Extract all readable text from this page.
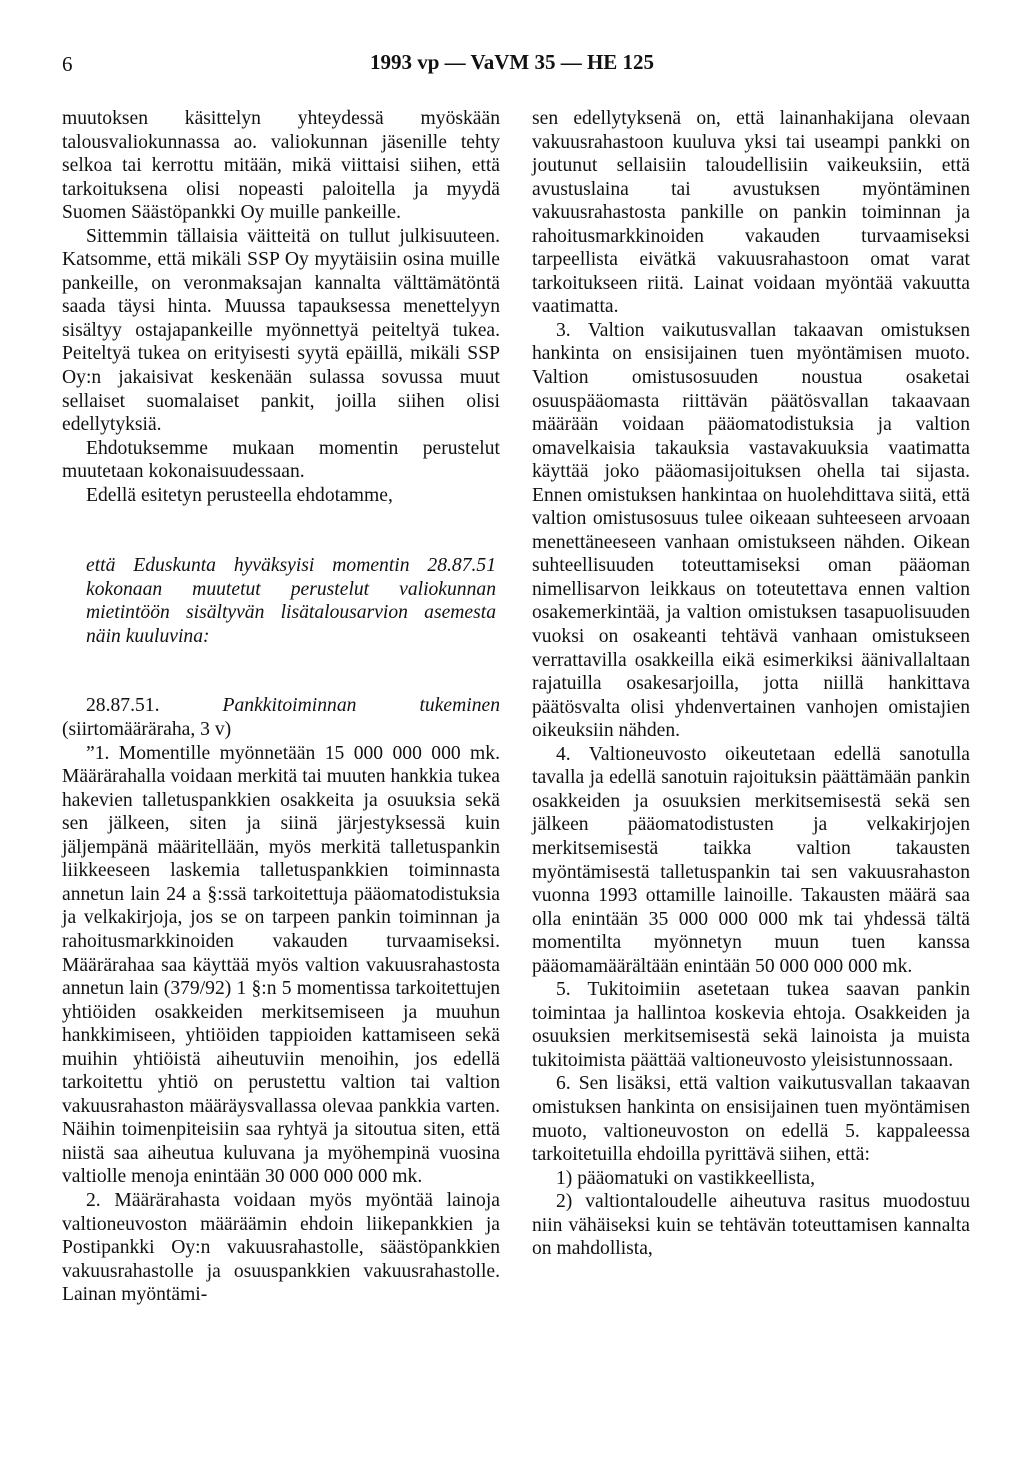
6	1993 vp — VaVM 35 — HE 125

muutoksen käsittelyn yhteydessä myöskään talousvaliokunnassa ao. valiokunnan jäsenille tehty selkoa tai kerrottu mitään, mikä viittaisi siihen, että tarkoituksena olisi nopeasti paloitella ja myydä Suomen Säästöpankki Oy muille pankeille.

Sittemmin tällaisia väitteitä on tullut julkisuuteen. Katsomme, että mikäli SSP Oy myytäisiin osina muille pankeille, on veronmaksajan kannalta välttämätöntä saada täysi hinta. Muussa tapauksessa menettelyyn sisältyy ostajapankeille myönnettyä peiteltyä tukea. Peiteltyä tukea on erityisesti syytä epäillä, mikäli SSP Oy:n jakaisivat keskenään sulassa sovussa muut sellaiset suomalaiset pankit, joilla siihen olisi edellytyksiä.

Ehdotuksemme mukaan momentin perustelut muutetaan kokonaisuudessaan.

Edellä esitetyn perusteella ehdotamme,

että Eduskunta hyväksyisi momentin 28.87.51 kokonaan muutetut perustelut valiokunnan mietintöön sisältyvän lisätalousarvion asemesta näin kuuluvina:

28.87.51.	Pankkitoiminnan tukeminen (siirtomääräraha, 3 v)

”1. Momentille myönnetään 15 000 000 000 mk. Määrärahalla voidaan merkitä tai muuten hankkia tukea hakevien talletuspankkien osakkeita ja osuuksia sekä sen jälkeen, siten ja siinä järjestyksessä kuin jäljempänä määritellään, myös merkitä talletuspankin liikkeeseen laskemia talletuspankkien toiminnasta annetun lain 24 a §:ssä tarkoitettuja pääomatodistuksia ja velkakirjoja, jos se on tarpeen pankin toiminnan ja rahoitusmarkkinoiden vakauden turvaamiseksi. Määrärahaa saa käyttää myös valtion vakuusrahastosta annetun lain (379/92) 1 §:n 5 momentissa tarkoitettujen yhtiöiden osakkeiden merkitsemiseen ja muuhun hankkimiseen, yhtiöiden tappioiden kattamiseen sekä muihin yhtiöistä aiheutuviin menoihin, jos edellä tarkoitettu yhtiö on perustettu valtion tai valtion vakuusrahaston määräysvallassa olevaa pankkia varten. Näihin toimenpiteisiin saa ryhtyä ja sitoutua siten, että niistä saa aiheutua kuluvana ja myöhempinä vuosina valtiolle menoja enintään 30 000 000 000 mk.

2. Määrärahasta voidaan myös myöntää lainoja valtioneuvoston määräämin ehdoin liikepankkien ja Postipankki Oy:n vakuusrahastolle, säästöpankkien vakuusrahastolle ja osuuspankkien vakuusrahastolle. Lainan myöntämi-

sen edellytyksenä on, että lainanhakijana olevaan vakuusrahastoon kuuluva yksi tai useampi pankki on joutunut sellaisiin taloudellisiin vaikeuksiin, että avustuslaina tai avustuksen myöntäminen vakuusrahastosta pankille on pankin toiminnan ja rahoitusmarkkinoiden vakauden turvaamiseksi tarpeellista eivätkä vakuusrahastoon omat varat tarkoitukseen riitä. Lainat voidaan myöntää vakuutta vaatimatta.

3. Valtion vaikutusvallan takaavan omistuksen hankinta on ensisijainen tuen myöntämisen muoto. Valtion omistusosuuden noustua osaketai osuuspääomasta riittävän päätösvallan takaavaan määrään voidaan pääomatodistuksia ja valtion omavelkaisia takauksia vastavakuuksia vaatimatta käyttää joko pääomasijoituksen ohella tai sijasta. Ennen omistuksen hankintaa on huolehdittava siitä, että valtion omistusosuus tulee oikeaan suhteeseen arvoaan menettäneeseen vanhaan omistukseen nähden. Oikean suhteellisuuden toteuttamiseksi oman pääoman nimellisarvon leikkaus on toteutettava ennen valtion osakemerkintää, ja valtion omistuksen tasapuolisuuden vuoksi on osakeanti tehtävä vanhaan omistukseen verrattavilla osakkeilla eikä esimerkiksi äänivallaltaan rajatuilla osakesarjoilla, jotta niillä hankittava päätösvalta olisi yhdenvertainen vanhojen omistajien oikeuksiin nähden.

4. Valtioneuvosto oikeutetaan edellä sanotulla tavalla ja edellä sanotuin rajoituksin päättämään pankin osakkeiden ja osuuksien merkitsemisestä sekä sen jälkeen pääomatodistusten ja velkakirjojen merkitsemisestä taikka valtion takausten myöntämisestä talletuspankin tai sen vakuusrahaston vuonna 1993 ottamille lainoille. Takausten määrä saa olla enintään 35 000 000 000 mk tai yhdessä tältä momentilta myönnetyn muun tuen kanssa pääomamäärältään enintään 50 000 000 000 mk.

5. Tukitoimiin asetetaan tukea saavan pankin toimintaa ja hallintoa koskevia ehtoja. Osakkeiden ja osuuksien merkitsemisestä sekä lainoista ja muista tukitoimista päättää valtioneuvosto yleisistunnossaan.

6. Sen lisäksi, että valtion vaikutusvallan takaavan omistuksen hankinta on ensisijainen tuen myöntämisen muoto, valtioneuvoston on edellä 5. kappaleessa tarkoitetuilla ehdoilla pyrittävä siihen, että:

1) pääomatuki on vastikkeellista,

2) valtiontaloudelle aiheutuva rasitus muodostuu niin vähäiseksi kuin se tehtävän toteuttamisen kannalta on mahdollista,
